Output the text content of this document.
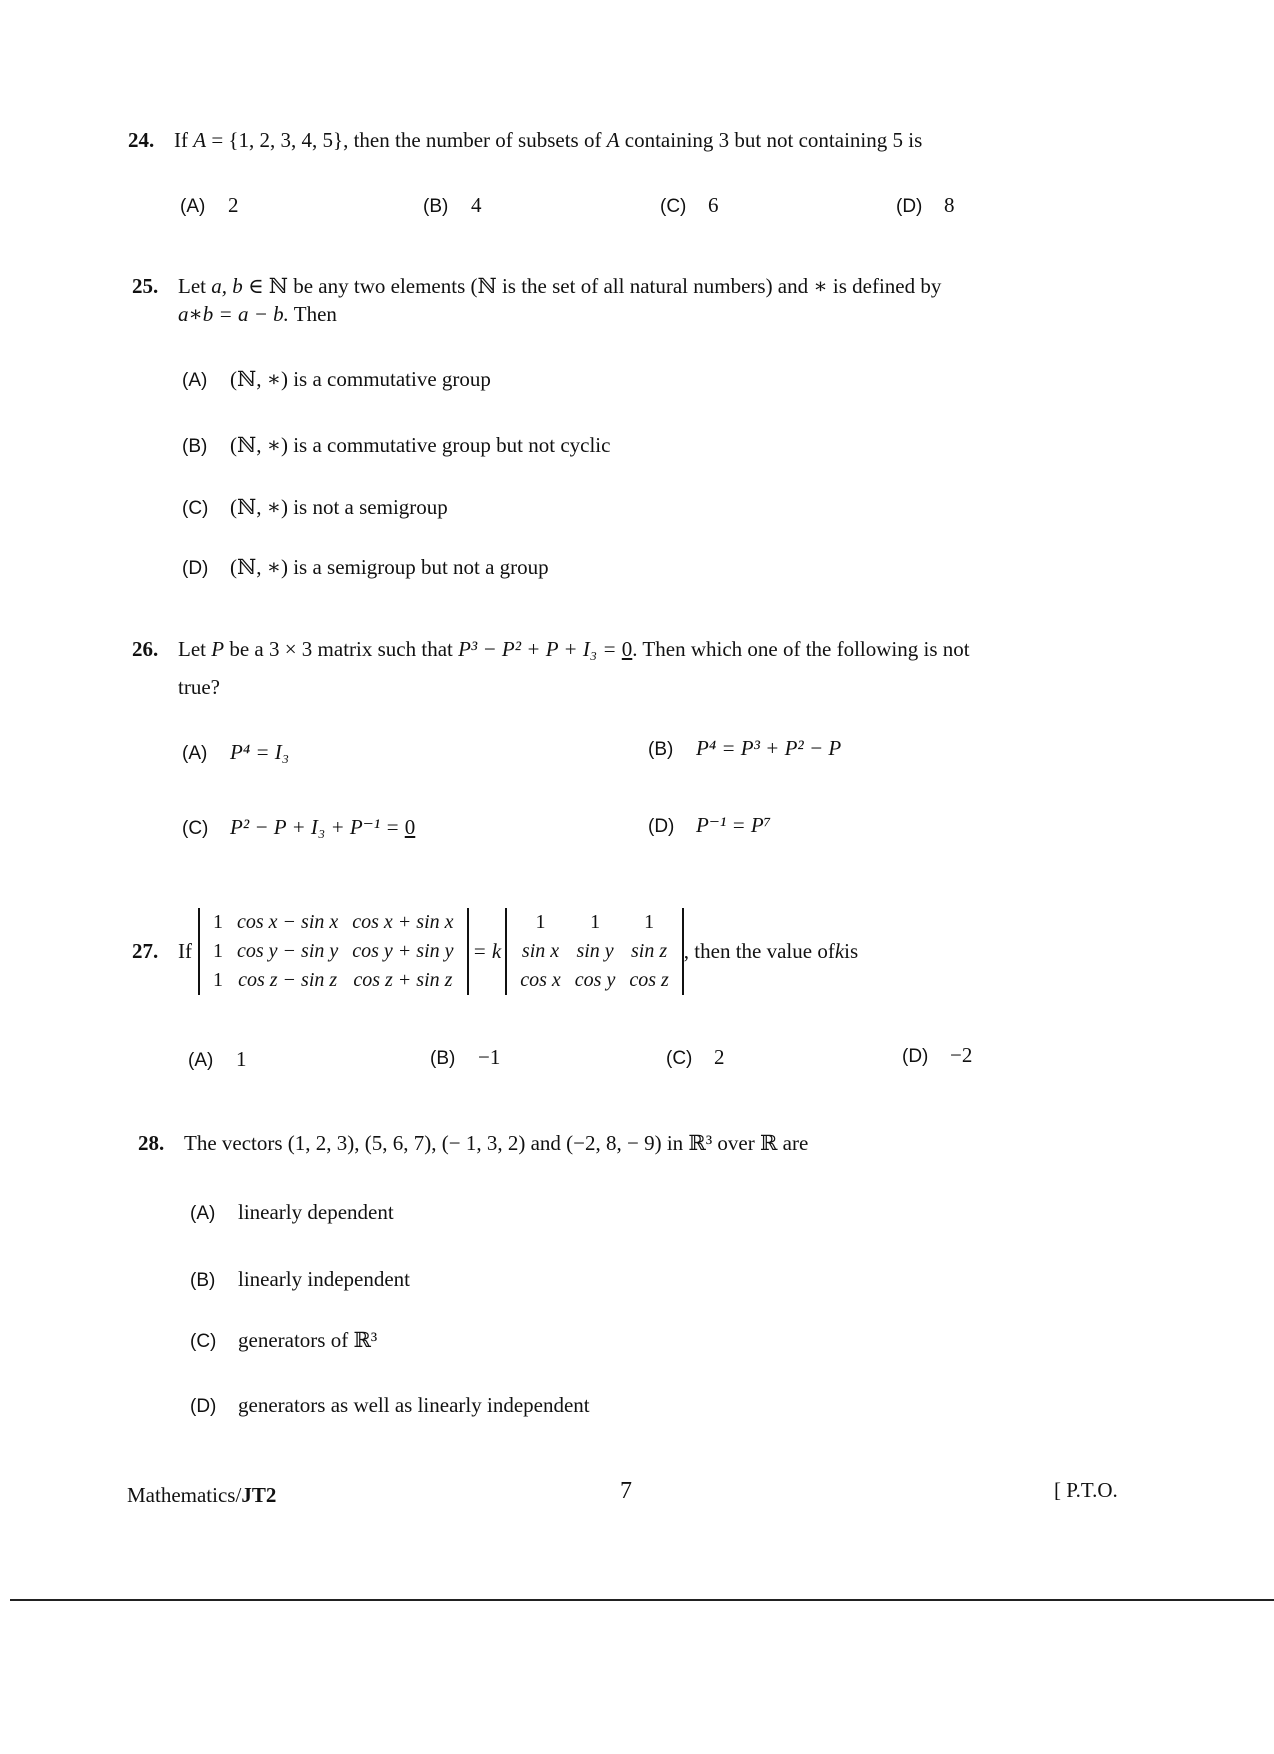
24. If A = {1, 2, 3, 4, 5}, then the number of subsets of A containing 3 but not containing 5 is
(A) 2	(B) 4	(C) 6	(D) 8
25. Let a, b ∈ ℕ be any two elements (ℕ is the set of all natural numbers) and ∗ is defined by
a∗b = a − b. Then
(A) (ℕ, ∗) is a commutative group
(B) (ℕ, ∗) is a commutative group but not cyclic
(C) (ℕ, ∗) is not a semigroup
(D) (ℕ, ∗) is a semigroup but not a group
26. Let P be a 3 × 3 matrix such that P³ − P² + P + I₃ = 0. Then which one of the following is not
true?
(A) P⁴ = I₃	(B) P⁴ = P³ + P² − P
(C) P² − P + I₃ + P⁻¹ = 0	(D) P⁻¹ = P⁷
27. If
1	cos x − sin x	cos x + sin x
1	cos y − sin y	cos y + sin y
1	cos z − sin z	cos z + sin z
= k
1	1	1
sin x	sin y	sin z
cos x	cos y	cos z
, then the value of k is
(A) 1	(B) −1	(C) 2	(D) −2
28. The vectors (1, 2, 3), (5, 6, 7), (− 1, 3, 2) and (−2, 8, − 9) in ℝ³ over ℝ are
(A) linearly dependent
(B) linearly independent
(C) generators of ℝ³
(D) generators as well as linearly independent
Mathematics/JT2	7	[ P.T.O.
